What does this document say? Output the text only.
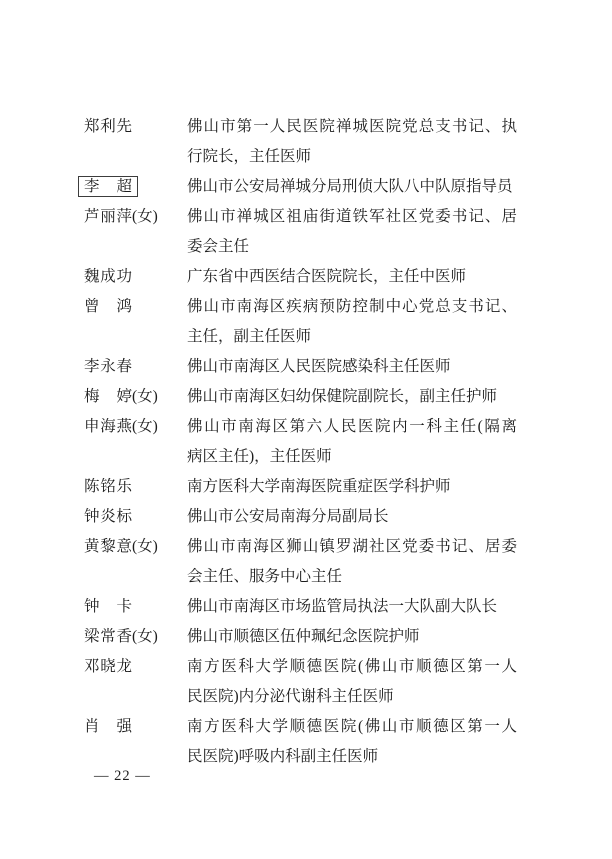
郑利先	佛山市第一人民医院禅城医院党总支书记、执
行院长，主任医师
李超	佛山市公安局禅城分局刑侦大队八中队原指导员
芦丽萍(女)	佛山市禅城区祖庙街道铁军社区党委书记、居
委会主任
魏成功	广东省中西医结合医院院长，主任中医师
曾鸿	佛山市南海区疾病预防控制中心党总支书记、
主任，副主任医师
李永春	佛山市南海区人民医院感染科主任医师
梅婷(女)	佛山市南海区妇幼保健院副院长，副主任护师
申海燕(女)	佛山市南海区第六人民医院内一科主任(隔离
病区主任)，主任医师
陈铭乐	南方医科大学南海医院重症医学科护师
钟炎标	佛山市公安局南海分局副局长
黄黎意(女)	佛山市南海区狮山镇罗湖社区党委书记、居委
会主任、服务中心主任
钟卡	佛山市南海区市场监管局执法一大队副大队长
梁常香(女)	佛山市顺德区伍仲珮纪念医院护师
邓晓龙	南方医科大学顺德医院(佛山市顺德区第一人
民医院)内分泌代谢科主任医师
肖强	南方医科大学顺德医院(佛山市顺德区第一人
民医院)呼吸内科副主任医师
— 22 —
